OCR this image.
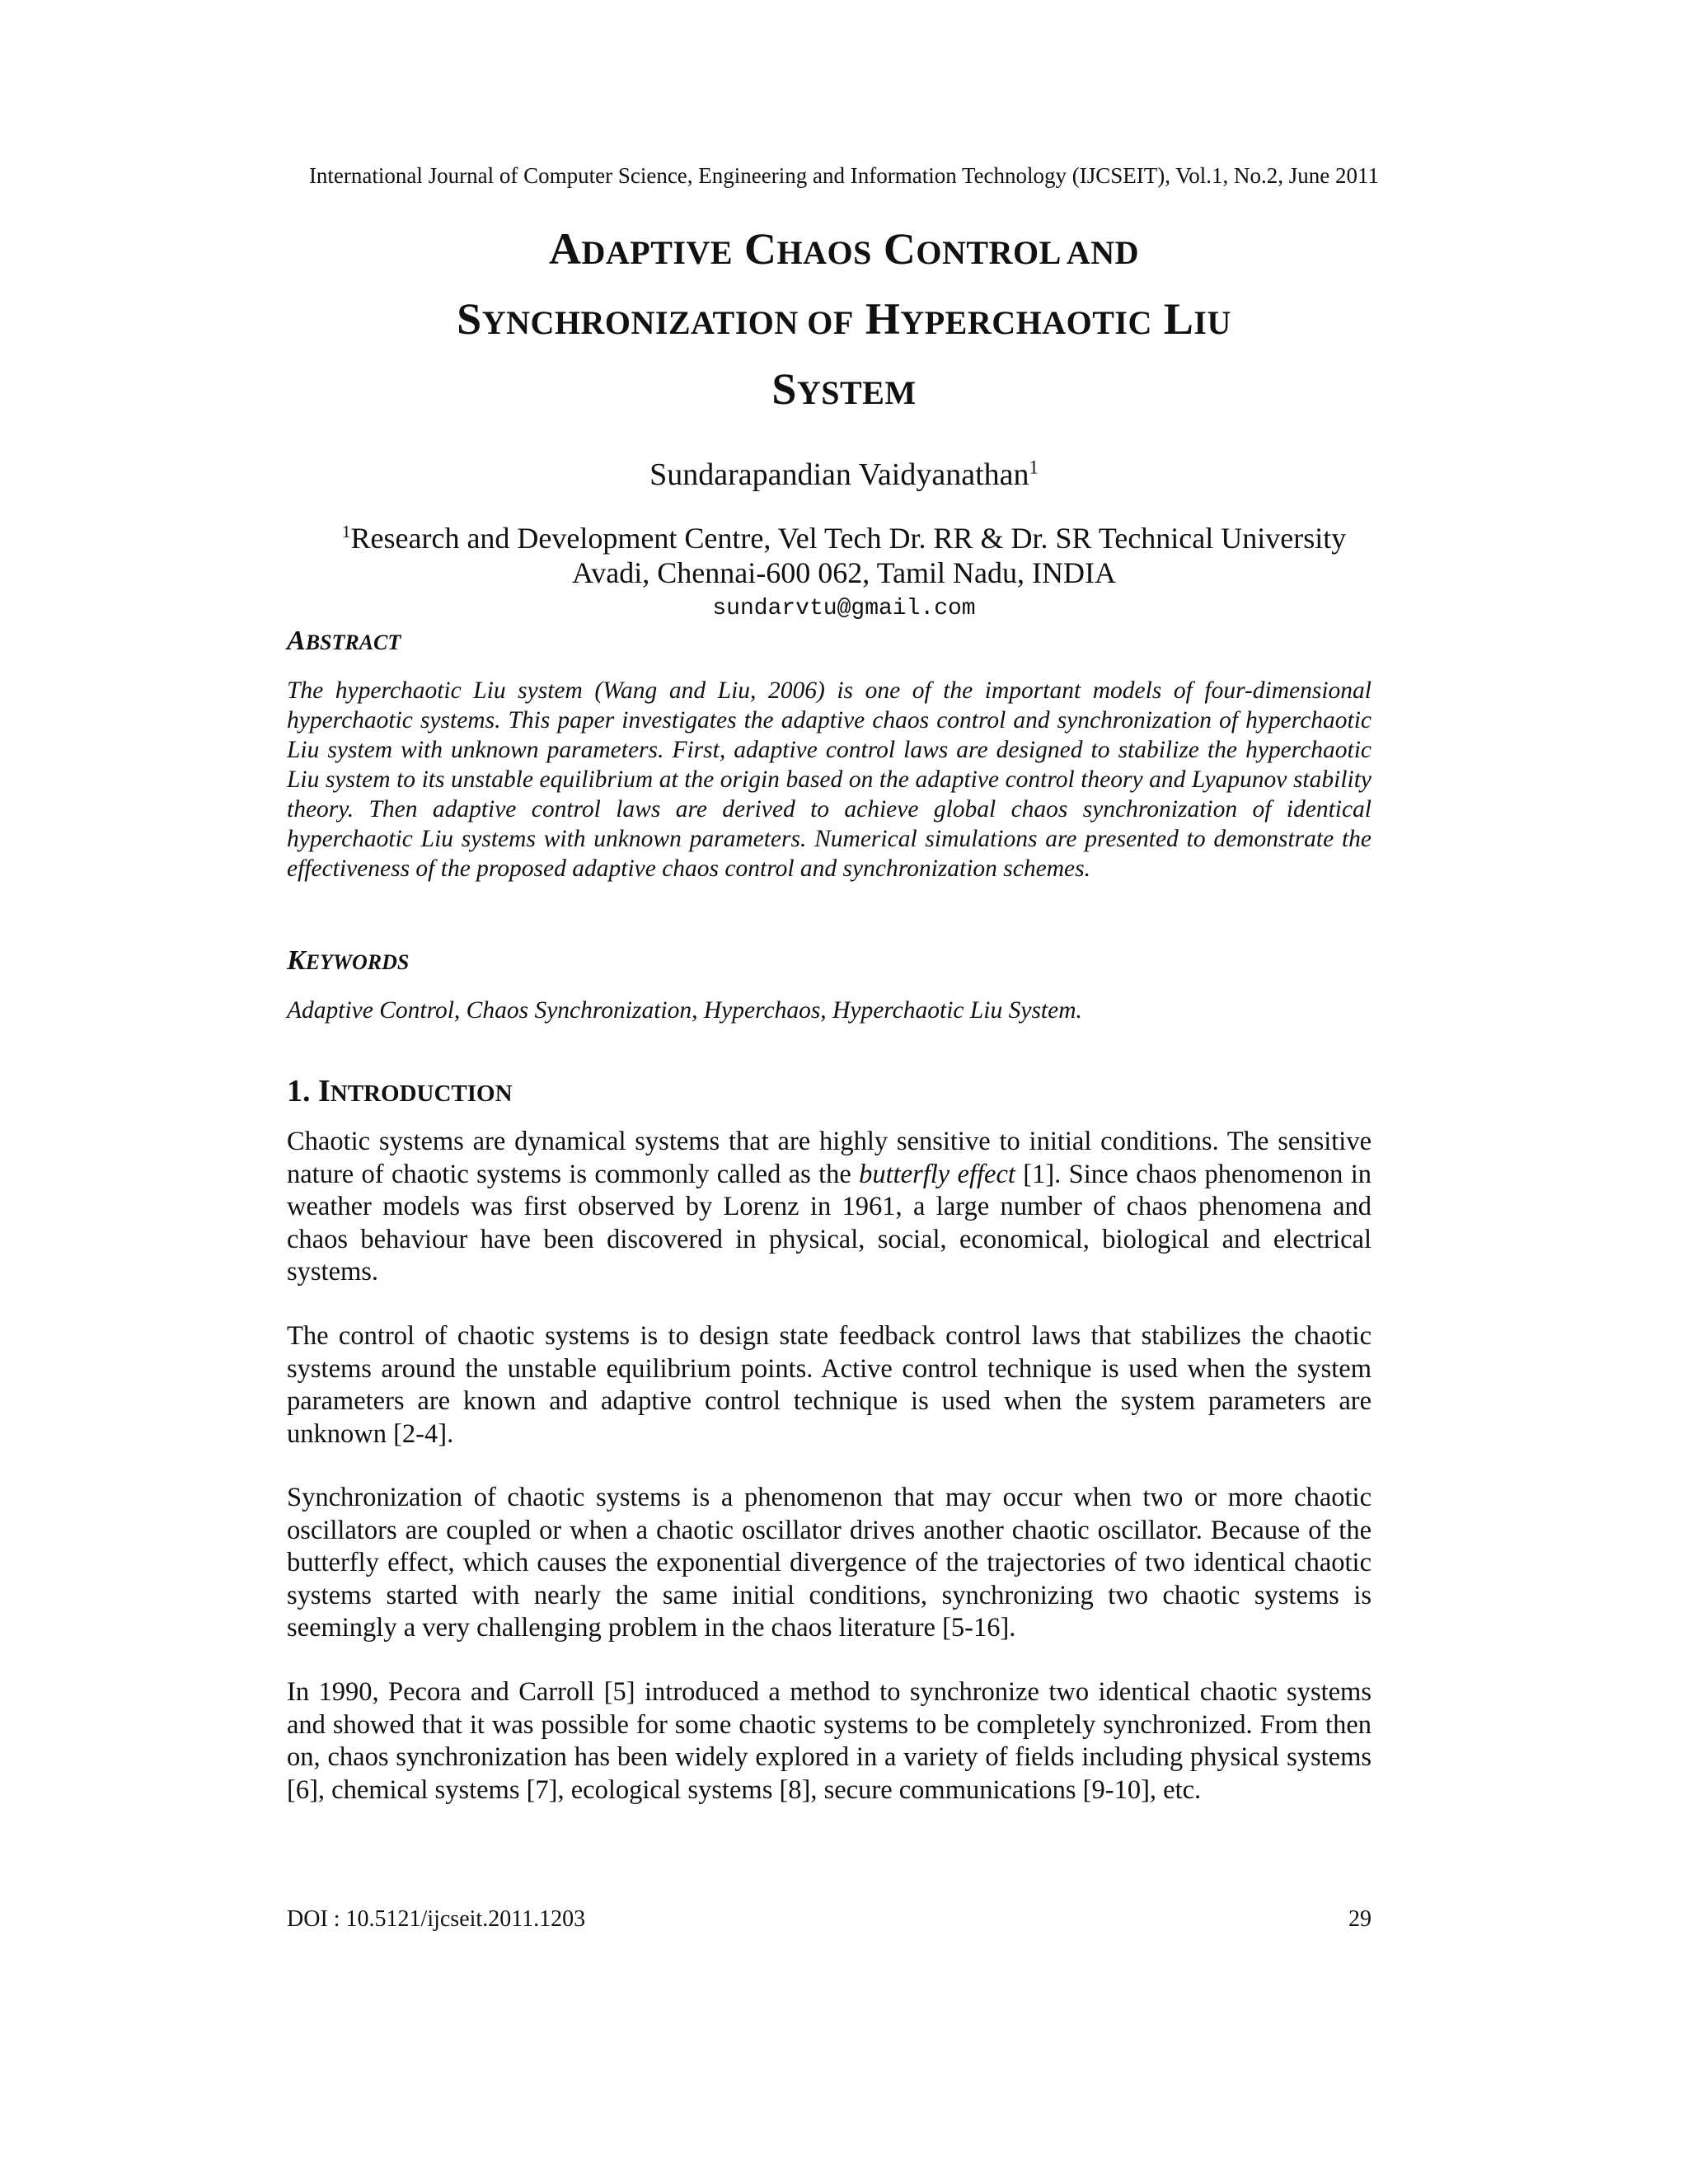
International Journal of Computer Science, Engineering and Information Technology (IJCSEIT), Vol.1, No.2, June 2011
ADAPTIVE CHAOS CONTROL AND
SYNCHRONIZATION OF HYPERCHAOTIC LIU
SYSTEM
Sundarapandian Vaidyanathan$^1$
$^1$Research and Development Centre, Vel Tech Dr. RR & Dr. SR Technical University
Avadi, Chennai-600 062, Tamil Nadu, INDIA
sundarvtu@gmail.com
ABSTRACT

The hyperchaotic Liu system (Wang and Liu, 2006) is one of the important models of four-dimensional hyperchaotic systems. This paper investigates the adaptive chaos control and synchronization of hyperchaotic Liu system with unknown parameters. First, adaptive control laws are designed to stabilize the hyperchaotic Liu system to its unstable equilibrium at the origin based on the adaptive control theory and Lyapunov stability theory. Then adaptive control laws are derived to achieve global chaos synchronization of identical hyperchaotic Liu systems with unknown parameters. Numerical simulations are presented to demonstrate the effectiveness of the proposed adaptive chaos control and synchronization schemes.

KEYWORDS

Adaptive Control, Chaos Synchronization, Hyperchaos, Hyperchaotic Liu System.

1. INTRODUCTION

Chaotic systems are dynamical systems that are highly sensitive to initial conditions. The sensitive nature of chaotic systems is commonly called as the butterfly effect [1]. Since chaos phenomenon in weather models was first observed by Lorenz in 1961, a large number of chaos phenomena and chaos behaviour have been discovered in physical, social, economical, biological and electrical systems.

The control of chaotic systems is to design state feedback control laws that stabilizes the chaotic systems around the unstable equilibrium points. Active control technique is used when the system parameters are known and adaptive control technique is used when the system parameters are unknown [2-4].

Synchronization of chaotic systems is a phenomenon that may occur when two or more chaotic oscillators are coupled or when a chaotic oscillator drives another chaotic oscillator. Because of the butterfly effect, which causes the exponential divergence of the trajectories of two identical chaotic systems started with nearly the same initial conditions, synchronizing two chaotic systems is seemingly a very challenging problem in the chaos literature [5-16].

In 1990, Pecora and Carroll [5] introduced a method to synchronize two identical chaotic systems and showed that it was possible for some chaotic systems to be completely synchronized. From then on, chaos synchronization has been widely explored in a variety of fields including physical systems [6], chemical systems [7], ecological systems [8], secure communications [9-10], etc.

DOI : 10.5121/ijcseit.2011.1203	29
